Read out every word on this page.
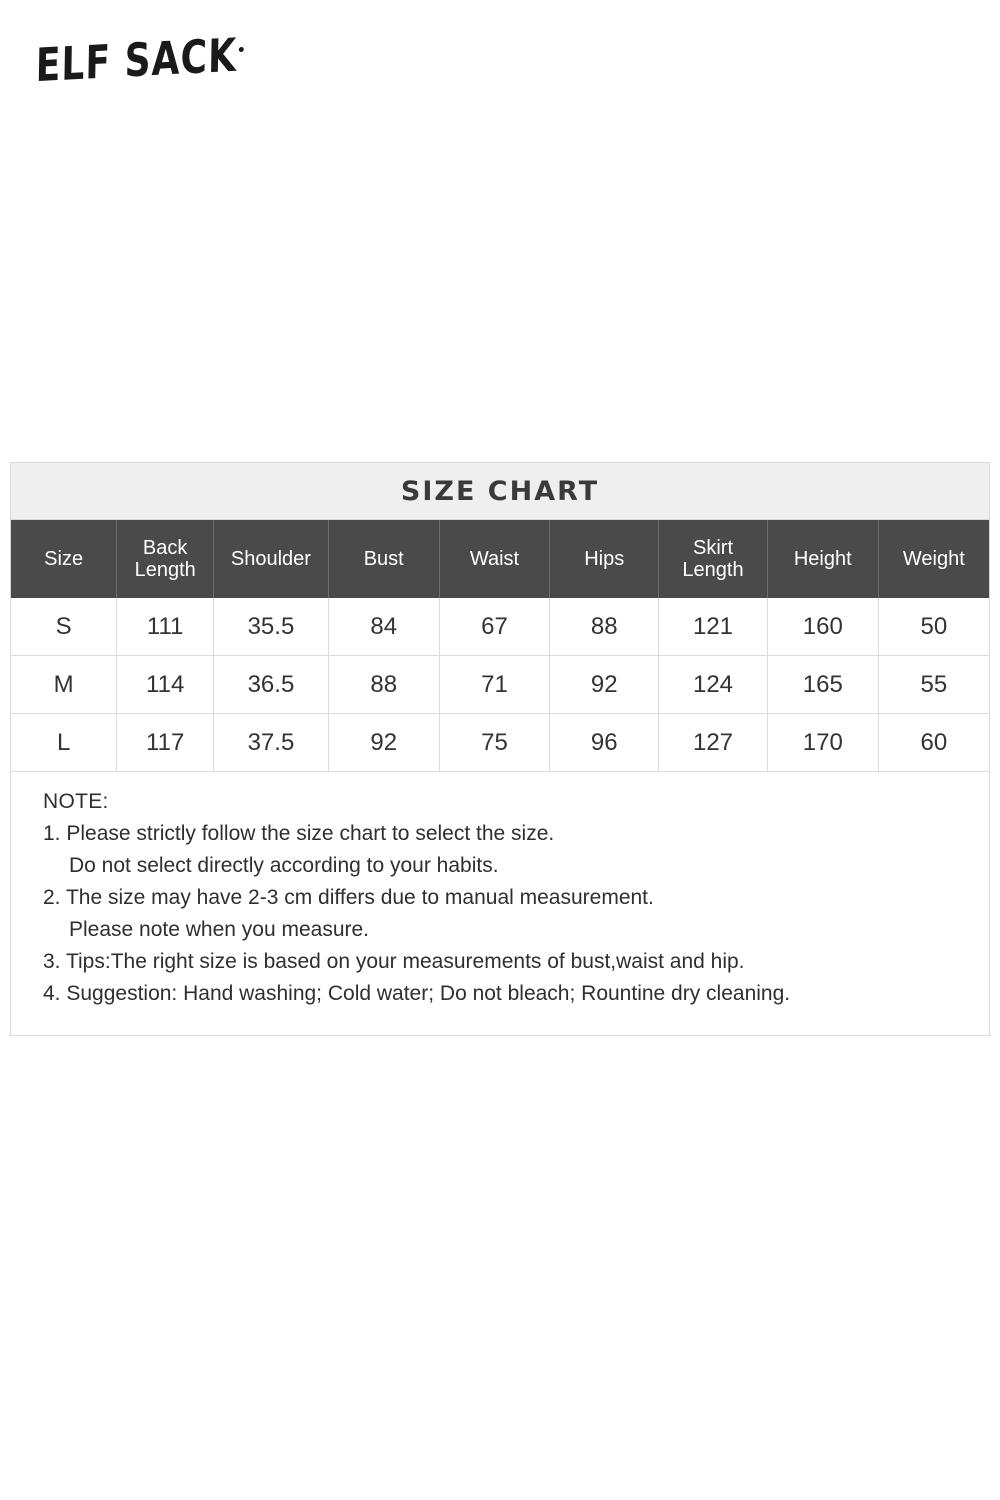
ELF SACK
SIZE CHART
Size	Back Length	Shoulder	Bust	Waist	Hips	Skirt Length	Height	Weight
S	111	35.5	84	67	88	121	160	50
M	114	36.5	88	71	92	124	165	55
L	117	37.5	92	75	96	127	170	60
NOTE:
1. Please strictly follow the size chart to select the size.
Do not select directly according to your habits.
2. The size may have 2-3 cm differs due to manual measurement.
Please note when you measure.
3. Tips:The right size is based on your measurements of bust,waist and hip.
4. Suggestion: Hand washing; Cold water; Do not bleach; Rountine dry cleaning.
